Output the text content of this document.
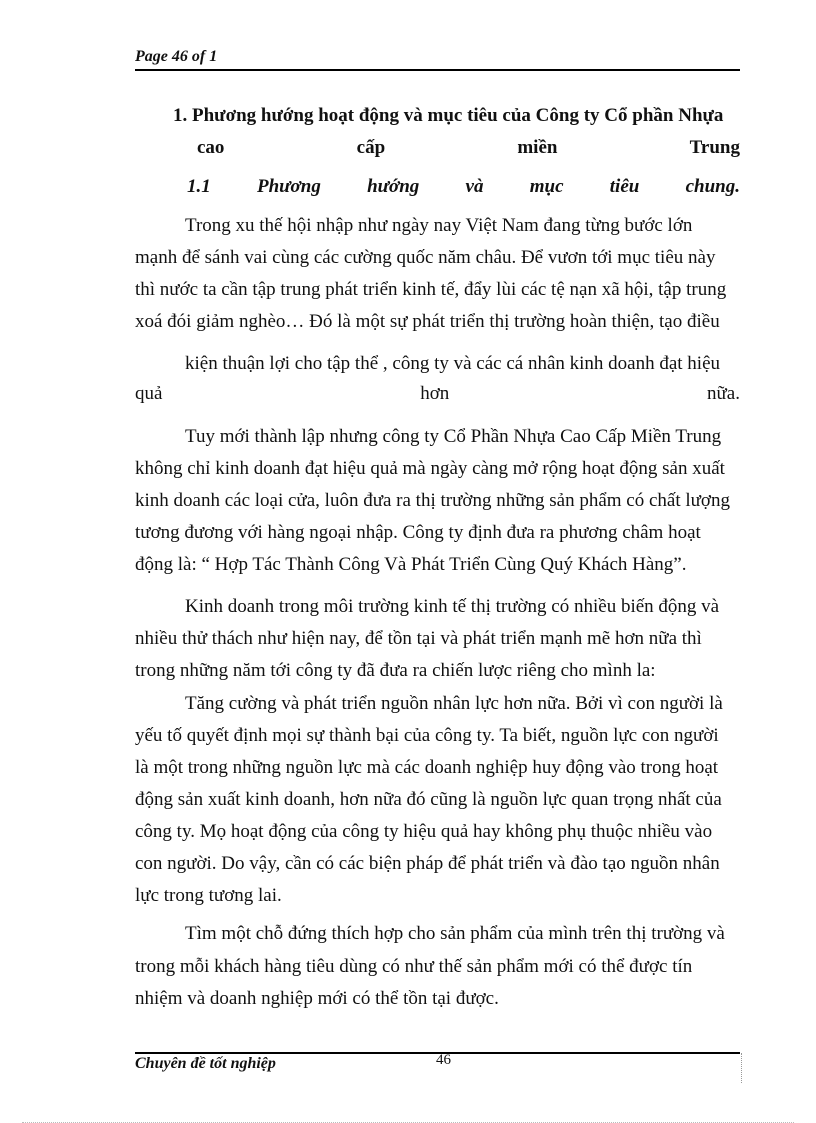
Page 46 of 1
1. Phương hướng hoạt động và mục tiêu của Công ty Cổ phần Nhựa
cao	cấp	miền	Trung
1.1 Phương hướng và mục tiêu chung.
Trong xu thế hội nhập như ngày nay Việt Nam đang từng bước lớn
mạnh để sánh vai cùng các cường quốc năm châu. Để vươn tới mục tiêu này
thì nước ta cần tập trung phát triển kinh tế, đẩy lùi các tệ nạn xã hội, tập trung
xoá đói giảm nghèo… Đó là một sự phát triển thị trường hoàn thiện, tạo điều
kiện thuận lợi cho tập thể , công ty và các cá nhân kinh doanh đạt hiệu
quả	hơn	nữa.
Tuy mới thành lập nhưng công ty Cổ Phần Nhựa Cao Cấp Miền Trung
không chỉ kinh doanh đạt hiệu quả mà ngày càng mở rộng hoạt động sản xuất
kinh doanh các loại cửa, luôn đưa ra thị trường những sản phẩm có chất lượng
tương đương với hàng ngoại nhập. Công ty định đưa ra phương châm hoạt
động là: “ Hợp Tác Thành Công Và Phát Triển Cùng Quý Khách Hàng”.
Kinh doanh trong môi trường kinh tế thị trường có nhiều biến động và
nhiều thử thách như hiện nay, để tồn tại và phát triển mạnh mẽ hơn nữa thì
trong những năm tới công ty đã đưa ra chiến lược riêng cho mình la:
Tăng cường và phát triển nguồn nhân lực hơn nữa. Bởi vì con người là
yếu tố quyết định mọi sự thành bại của công ty. Ta biết, nguồn lực con người
là một trong những nguồn lực mà các doanh nghiệp huy động vào trong hoạt
động sản xuất kinh doanh, hơn nữa đó cũng là nguồn lực quan trọng nhất của
công ty. Mọ hoạt động của công ty hiệu quả hay không phụ thuộc nhiều vào
con người. Do vậy, cần có các biện pháp để phát triển và đào tạo nguồn nhân
lực trong tương lai.
Tìm một chỗ đứng thích hợp cho sản phẩm của mình trên thị trường và
trong mỗi khách hàng tiêu dùng có như thế sản phẩm mới có thể được tín
nhiệm và doanh nghiệp mới có thể tồn tại được.
Chuyên đề tốt nghiệp	46
